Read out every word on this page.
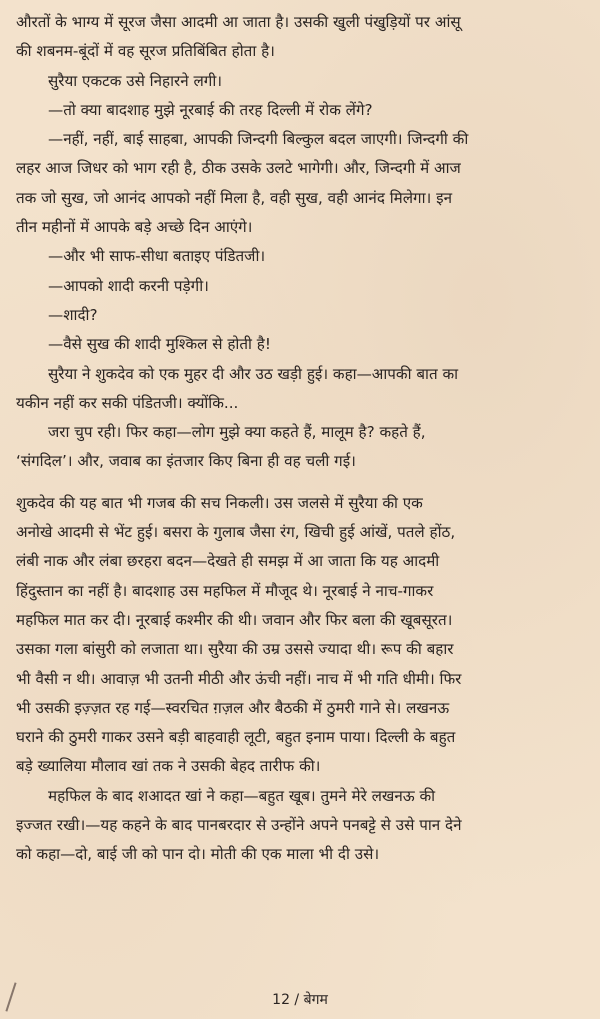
औरतों के भाग्य में सूरज जैसा आदमी आ जाता है। उसकी खुली पंखुड़ियों पर आंसू
की शबनम-बूंदों में वह सूरज प्रतिबिंबित होता है।
सुरैया एकटक उसे निहारने लगी।
—तो क्या बादशाह मुझे नूरबाई की तरह दिल्ली में रोक लेंगे?
—नहीं, नहीं, बाई साहबा, आपकी जिन्दगी बिल्कुल बदल जाएगी। जिन्दगी की
लहर आज जिधर को भाग रही है, ठीक उसके उलटे भागेगी। और, जिन्दगी में आज
तक जो सुख, जो आनंद आपको नहीं मिला है, वही सुख, वही आनंद मिलेगा। इन
तीन महीनों में आपके बड़े अच्छे दिन आएंगे।
—और भी साफ-सीधा बताइए पंडितजी।
—आपको शादी करनी पड़ेगी।
—शादी?
—वैसे सुख की शादी मुश्किल से होती है!
सुरैया ने शुकदेव को एक मुहर दी और उठ खड़ी हुई। कहा—आपकी बात का
यकीन नहीं कर सकी पंडितजी। क्योंकि...
जरा चुप रही। फिर कहा—लोग मुझे क्या कहते हैं, मालूम है? कहते हैं,
‘संगदिल’। और, जवाब का इंतजार किए बिना ही वह चली गई।
शुकदेव की यह बात भी गजब की सच निकली। उस जलसे में सुरैया की एक
अनोखे आदमी से भेंट हुई। बसरा के गुलाब जैसा रंग, खिची हुई आंखें, पतले होंठ,
लंबी नाक और लंबा छरहरा बदन—देखते ही समझ में आ जाता कि यह आदमी
हिंदुस्तान का नहीं है। बादशाह उस महफिल में मौजूद थे। नूरबाई ने नाच-गाकर
महफिल मात कर दी। नूरबाई कश्मीर की थी। जवान और फिर बला की खूबसूरत।
उसका गला बांसुरी को लजाता था। सुरैया की उम्र उससे ज्यादा थी। रूप की बहार
भी वैसी न थी। आवाज़ भी उतनी मीठी और ऊंची नहीं। नाच में भी गति धीमी। फिर
भी उसकी इज़्ज़त रह गई—स्वरचित ग़ज़ल और बैठकी में ठुमरी गाने से। लखनऊ
घराने की ठुमरी गाकर उसने बड़ी बाहवाही लूटी, बहुत इनाम पाया। दिल्ली के बहुत
बड़े ख्यालिया मौलाव खां तक ने उसकी बेहद तारीफ की।
महफिल के बाद शआदत खां ने कहा—बहुत खूब। तुमने मेरे लखनऊ की
इज्जत रखी।—यह कहने के बाद पानबरदार से उन्होंने अपने पनबट्टे से उसे पान देने
को कहा—दो, बाई जी को पान दो। मोती की एक माला भी दी उसे।
12 / बेगम
